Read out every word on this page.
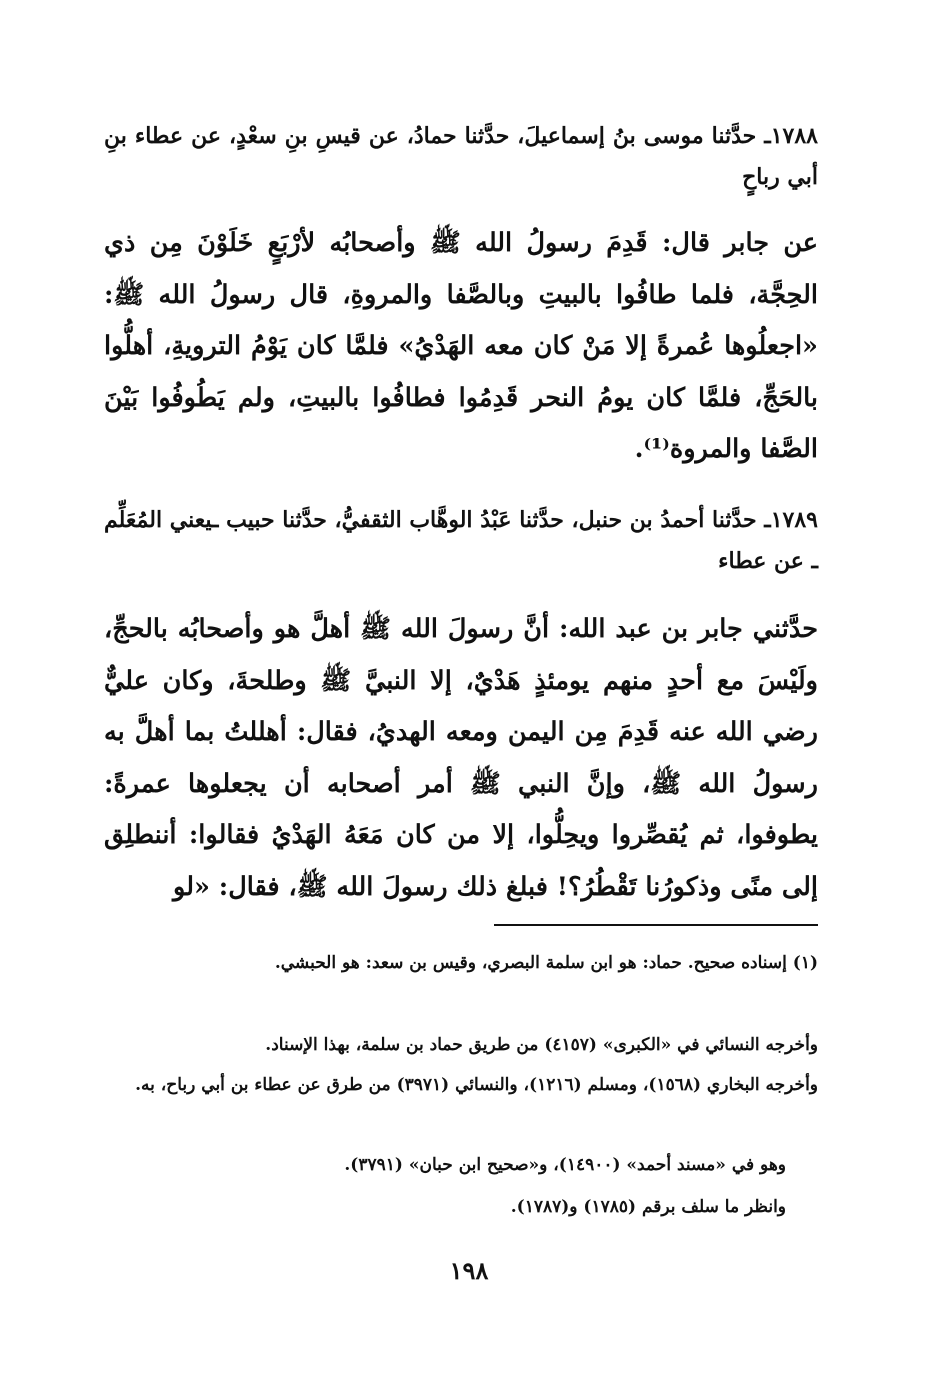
١٧٨٨ـ حدَّثنا موسى بنُ إسماعيلَ، حدَّثنا حمادُ، عن قيسِ بنِ سعْدٍ، عن عطاء بنِ أبي رباحٍ
عن جابر قال: قَدِمَ رسولُ الله ﷺ وأصحابُه لأرْبَعٍ خَلَوْنَ مِن ذي الحِجَّة، فلما طافُوا بالبيتِ وبالصَّفا والمروةِ، قال رسولُ الله ﷺ: «اجعلُوها عُمرةً إلا مَنْ كان معه الهَدْيُ» فلمَّا كان يَوْمُ الترويةِ، أهلُّوا بالحَجِّ، فلمَّا كان يومُ النحر قَدِمُوا فطافُوا بالبيتِ، ولم يَطُوفُوا بَيْنَ الصَّفا والمروة⁽¹⁾.
١٧٨٩ـ حدَّثنا أحمدُ بن حنبل، حدَّثنا عَبْدُ الوهَّاب الثقفيُّ، حدَّثنا حبيب ـيعني المُعَلِّم ـ عن عطاء
حدَّثني جابر بن عبد الله: أنَّ رسولَ الله ﷺ أهلَّ هو وأصحابُه بالحجِّ، ولَيْسَ مع أحدٍ منهم يومئذٍ هَدْيٌ، إلا النبيَّ ﷺ وطلحةَ، وكان عليٌّ رضي الله عنه قَدِمَ مِن اليمن ومعه الهديُ، فقال: أهللتُ بما أهلَّ به رسولُ الله ﷺ، وإنَّ النبي ﷺ أمر أصحابه أن يجعلوها عمرةً: يطوفوا، ثم يُقصِّروا ويحِلُّوا، إلا من كان مَعَهُ الهَدْيُ فقالوا: أننطلِق إلى منًى وذكورُنا تَقْطُرُ؟! فبلغ ذلك رسولَ الله ﷺ، فقال: «لو
(١) إسناده صحيح. حماد: هو ابن سلمة البصري، وقيس بن سعد: هو الحبشي.
وأخرجه النسائي في «الكبرى» (٤١٥٧) من طريق حماد بن سلمة، بهذا الإسناد.
وأخرجه البخاري (١٥٦٨)، ومسلم (١٢١٦)، والنسائي (٣٩٧١) من طرق عن عطاء بن أبي رباح، به.
وهو في «مسند أحمد» (١٤٩٠٠)، و«صحيح ابن حبان» (٣٧٩١).
وانظر ما سلف برقم (١٧٨٥) و(١٧٨٧).
١٩٨
